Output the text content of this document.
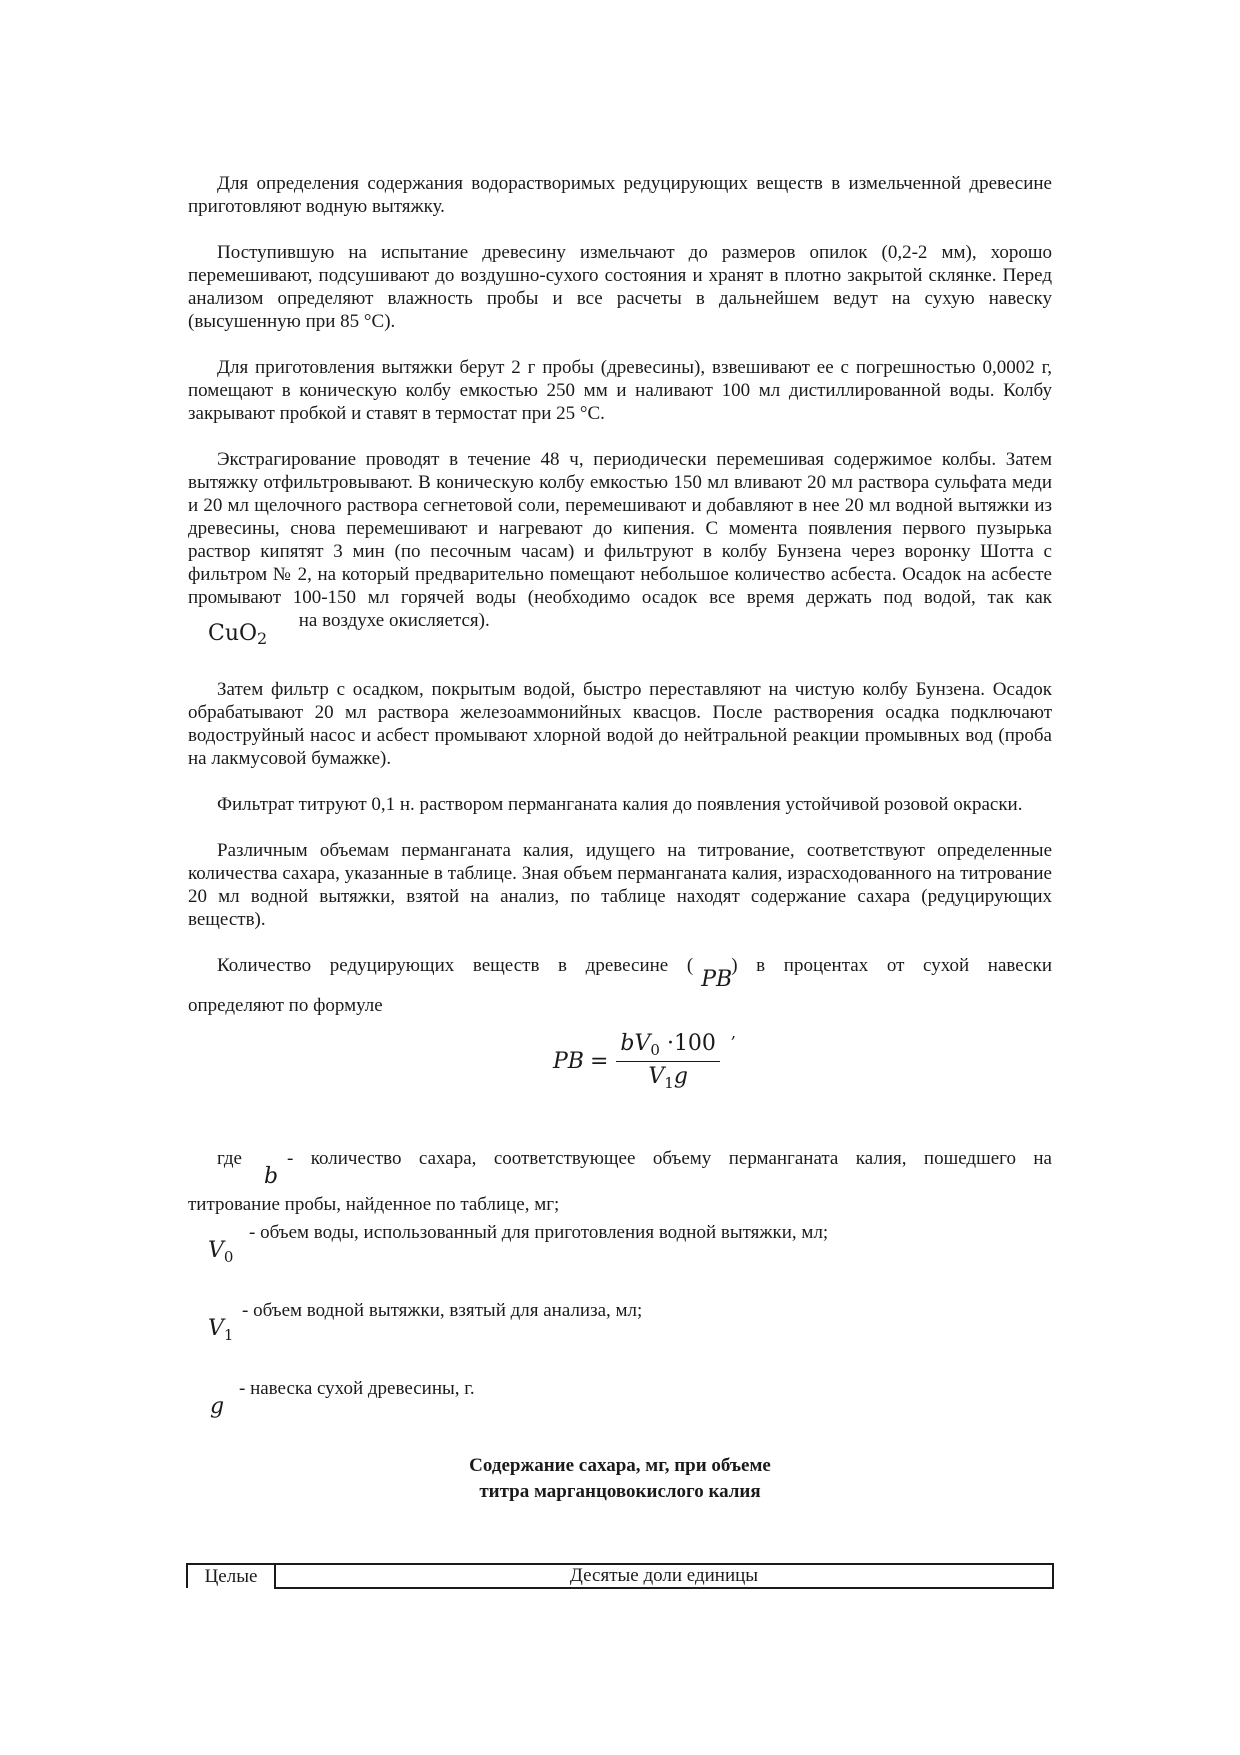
Для определения содержания водорастворимых редуцирующих веществ в измельченной древесине приготовляют водную вытяжку.

Поступившую на испытание древесину измельчают до размеров опилок (0,2-2 мм), хорошо перемешивают, подсушивают до воздушно-сухого состояния и хранят в плотно закрытой склянке. Перед анализом определяют влажность пробы и все расчеты в дальнейшем ведут на сухую навеску (высушенную при 85 °С).

Для приготовления вытяжки берут 2 г пробы (древесины), взвешивают ее с погрешностью 0,0002 г, помещают в коническую колбу емкостью 250 мм и наливают 100 мл дистиллированной воды. Колбу закрывают пробкой и ставят в термостат при 25 °С.

Экстрагирование проводят в течение 48 ч, периодически перемешивая содержимое колбы. Затем вытяжку отфильтровывают. В коническую колбу емкостью 150 мл вливают 20 мл раствора сульфата меди и 20 мл щелочного раствора сегнетовой соли, перемешивают и добавляют в нее 20 мл водной вытяжки из древесины, снова перемешивают и нагревают до кипения. С момента появления первого пузырька раствор кипятят 3 мин (по песочным часам) и фильтруют в колбу Бунзена через воронку Шотта с фильтром № 2, на который предварительно помещают небольшое количество асбеста. Осадок на асбесте промывают 100-150 мл горячей воды (необходимо осадок все время держать под водой, так как
CuO$_2$
на воздухе окисляется).

Затем фильтр с осадком, покрытым водой, быстро переставляют на чистую колбу Бунзена. Осадок обрабатывают 20 мл раствора железоаммонийных квасцов. После растворения осадка подключают водоструйный насос и асбест промывают хлорной водой до нейтральной реакции промывных вод (проба на лакмусовой бумажке).

Фильтрат титруют 0,1 н. раствором перманганата калия до появления устойчивой розовой окраски.

Различным объемам перманганата калия, идущего на титрование, соответствуют определенные количества сахара, указанные в таблице. Зная объем перманганата калия, израсходованного на титрование 20 мл водной вытяжки, взятой на анализ, по таблице находят содержание сахара (редуцирующих веществ).

Количество редуцирующих веществ в древесине (
PB
) в процентах от сухой навески

определяют по формуле

PB = $\frac{bV_0 \cdot 100}{V_1g}$ ,
где
b
- количество сахара, соответствующее объему перманганата калия, пошедшего на
титрование пробы, найденное по таблице, мг;
$V_0$
- объем воды, использованный для приготовления водной вытяжки, мл;
$V_1$
- объем водной вытяжки, взятый для анализа, мл;
g
- навеска сухой древесины, г.

Содержание сахара, мг, при объеме

титра марганцовокислого калия

Целые	Десятые доли единицы
